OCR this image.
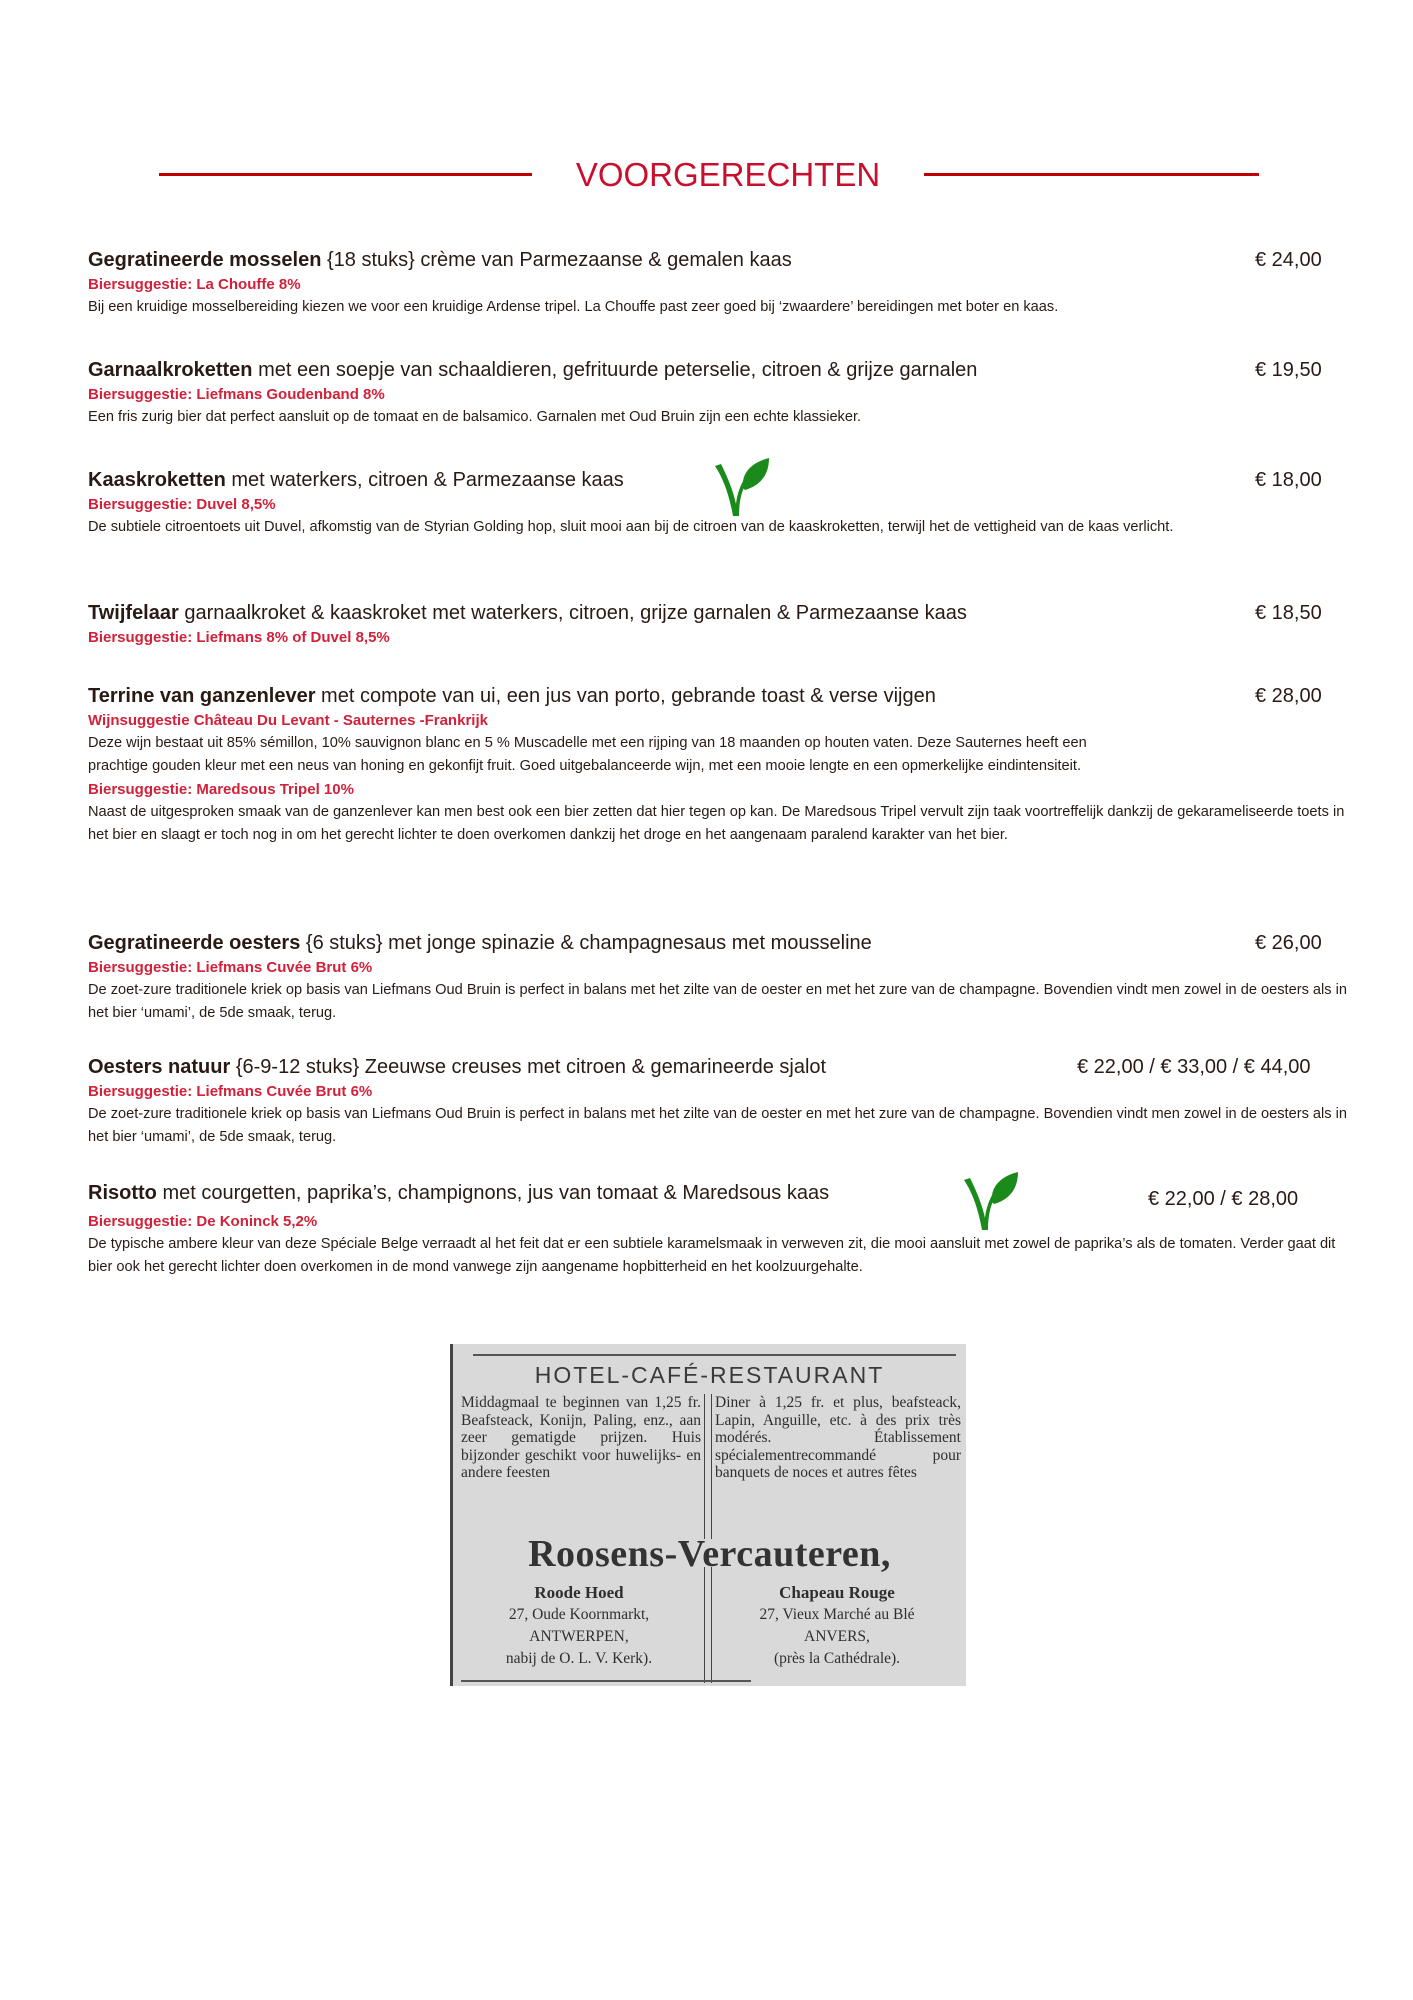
VOORGERECHTEN
Gegratineerde mosselen {18 stuks} crème van Parmezaanse & gemalen kaas	€ 24,00
Biersuggestie: La Chouffe 8%
Bij een kruidige mosselbereiding kiezen we voor een kruidige Ardense tripel. La Chouffe past zeer goed bij ‘zwaardere’ bereidingen met boter en kaas.
Garnaalkroketten met een soepje van schaaldieren, gefrituurde peterselie, citroen & grijze garnalen	€ 19,50
Biersuggestie: Liefmans Goudenband 8%
Een fris zurig bier dat perfect aansluit op de tomaat en de balsamico. Garnalen met Oud Bruin zijn een echte klassieker.
Kaaskroketten met waterkers, citroen & Parmezaanse kaas	€ 18,00
Biersuggestie: Duvel 8,5%
De subtiele citroentoets uit Duvel, afkomstig van de Styrian Golding hop, sluit mooi aan bij de citroen van de kaaskroketten, terwijl het de vettigheid van de kaas verlicht.
Twijfelaar garnaalkroket & kaaskroket met waterkers, citroen, grijze garnalen & Parmezaanse kaas	€ 18,50
Biersuggestie: Liefmans 8% of Duvel 8,5%
Terrine van ganzenlever met compote van ui, een jus van porto, gebrande toast & verse vijgen	€ 28,00
Wijnsuggestie Château Du Levant - Sauternes -Frankrijk
Deze wijn bestaat uit 85% sémillon, 10% sauvignon blanc en 5 % Muscadelle met een rijping van 18 maanden op houten vaten. Deze Sauternes heeft een prachtige gouden kleur met een neus van honing en gekonfijt fruit. Goed uitgebalanceerde wijn, met een mooie lengte en een opmerkelijke eindintensiteit.
Biersuggestie: Maredsous Tripel 10%
Naast de uitgesproken smaak van de ganzenlever kan men best ook een bier zetten dat hier tegen op kan. De Maredsous Tripel vervult zijn taak voortreffelijk dankzij de gekarameliseerde toets in het bier en slaagt er toch nog in om het gerecht lichter te doen overkomen dankzij het droge en het aangenaam paralend karakter van het bier.
Gegratineerde oesters {6 stuks} met jonge spinazie & champagnesaus met mousseline	€ 26,00
Biersuggestie: Liefmans Cuvée Brut 6%
De zoet-zure traditionele kriek op basis van Liefmans Oud Bruin is perfect in balans met het zilte van de oester en met het zure van de champagne. Bovendien vindt men zowel in de oesters als in het bier ‘umami’, de 5de smaak, terug.
Oesters natuur {6-9-12 stuks} Zeeuwse creuses met citroen & gemarineerde sjalot	€ 22,00 / € 33,00 / € 44,00
Biersuggestie: Liefmans Cuvée Brut 6%
De zoet-zure traditionele kriek op basis van Liefmans Oud Bruin is perfect in balans met het zilte van de oester en met het zure van de champagne. Bovendien vindt men zowel in de oesters als in het bier ‘umami’, de 5de smaak, terug.
Risotto met courgetten, paprika’s, champignons, jus van tomaat & Maredsous kaas	€ 22,00 / € 28,00
Biersuggestie: De Koninck 5,2%
De typische ambere kleur van deze Spéciale Belge verraadt al het feit dat er een subtiele karamelsmaak in verweven zit, die mooi aansluit met zowel de paprika’s als de tomaten. Verder gaat dit bier ook het gerecht lichter doen overkomen in de mond vanwege zijn aangename hopbitterheid en het koolzuurgehalte.
HOTEL-CAFÉ-RESTAURANT
Middagmaal te beginnen van 1,25 fr. Beafsteack, Konijn, Paling, enz., aan zeer gematigde prijzen. Huis bijzonder geschikt voor huwelijks- en andere feesten
Diner à 1,25 fr. et plus, beafsteack, Lapin, Anguille, etc. à des prix très modérés. Établissement spécialementrecommandé pour banquets de noces et autres fêtes
Roosens-Vercauteren,
Roode Hoed
27, Oude Koornmarkt,
ANTWERPEN,
nabij de O. L. V. Kerk).
Chapeau Rouge
27, Vieux Marché au Blé
ANVERS,
(près la Cathédrale).
